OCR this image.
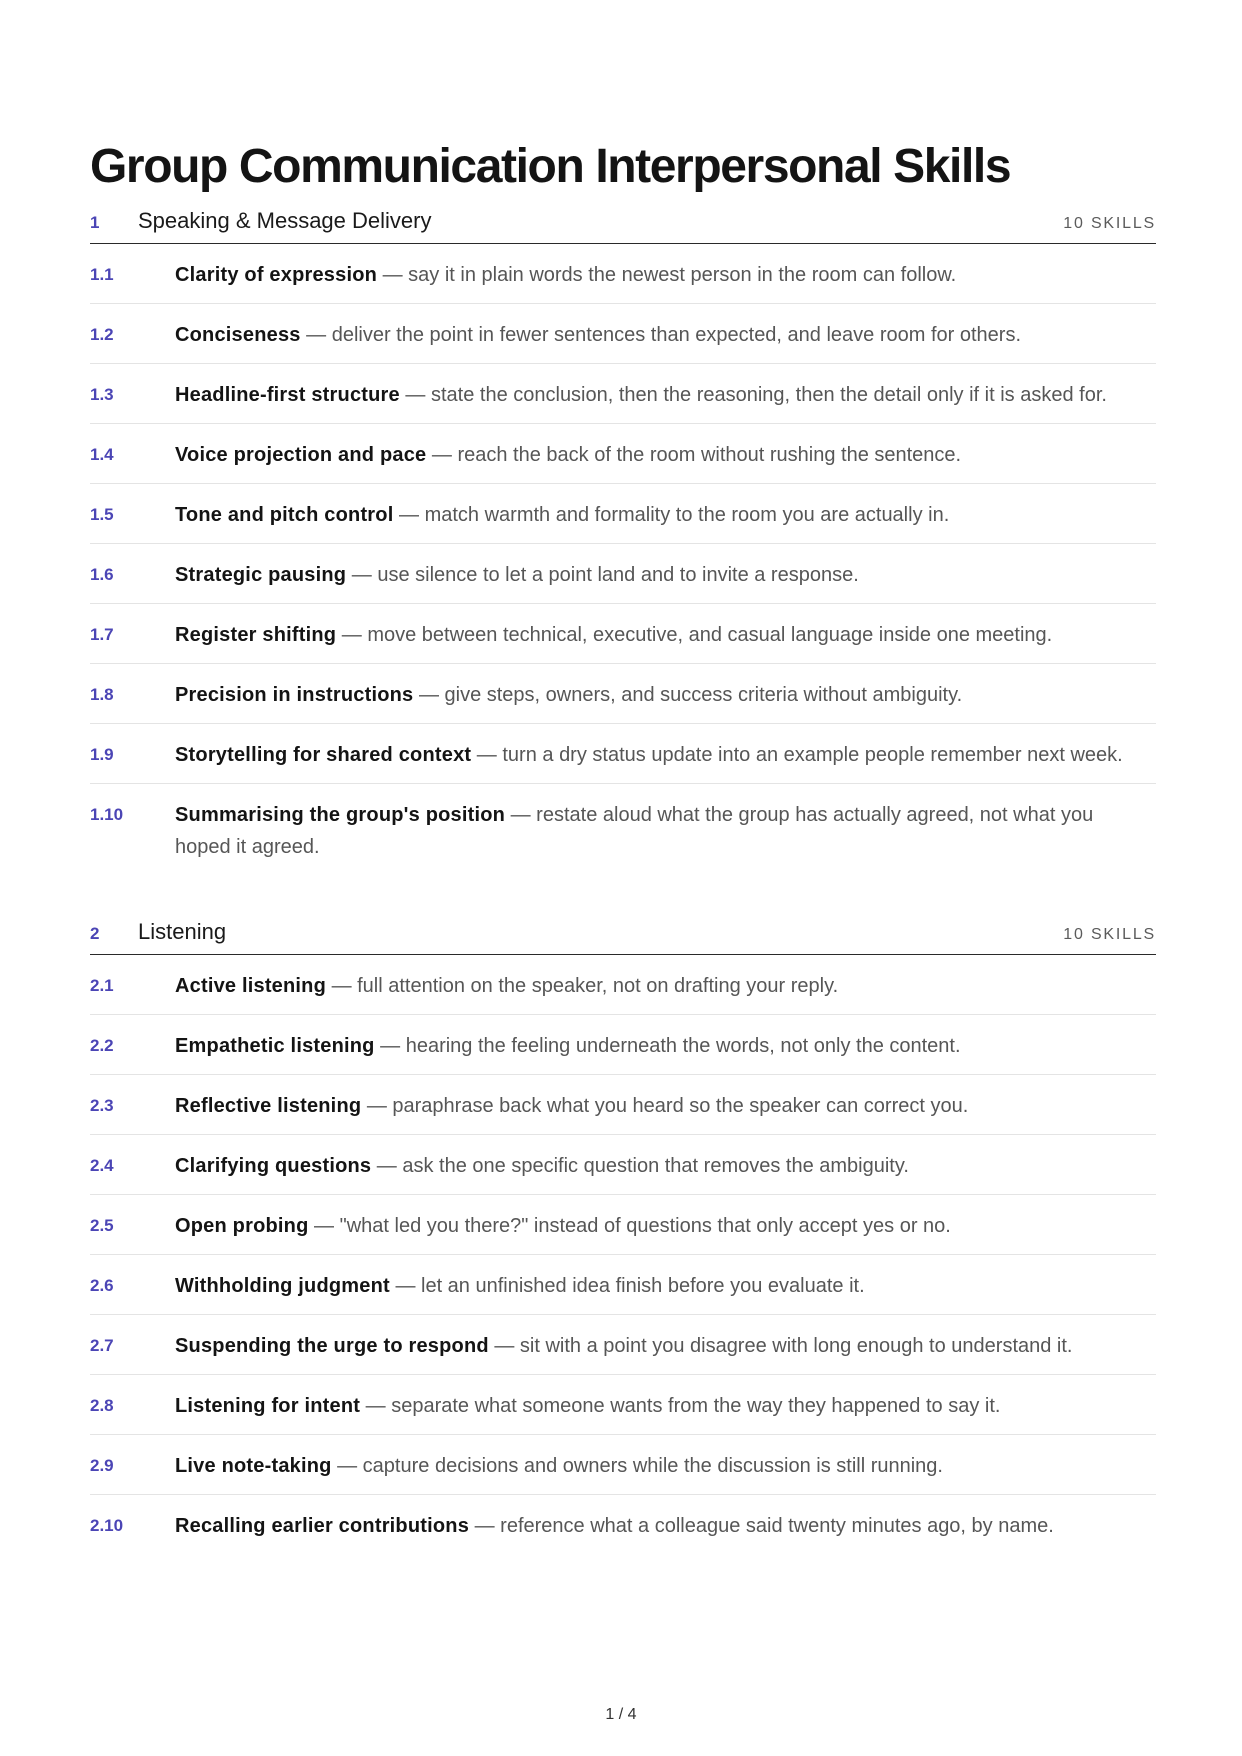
Group Communication Interpersonal Skills
1	Speaking & Message Delivery	10 SKILLS
1.1	Clarity of expression — say it in plain words the newest person in the room can follow.
1.2	Conciseness — deliver the point in fewer sentences than expected, and leave room for others.
1.3	Headline-first structure — state the conclusion, then the reasoning, then the detail only if it is asked for.
1.4	Voice projection and pace — reach the back of the room without rushing the sentence.
1.5	Tone and pitch control — match warmth and formality to the room you are actually in.
1.6	Strategic pausing — use silence to let a point land and to invite a response.
1.7	Register shifting — move between technical, executive, and casual language inside one meeting.
1.8	Precision in instructions — give steps, owners, and success criteria without ambiguity.
1.9	Storytelling for shared context — turn a dry status update into an example people remember next week.
1.10	Summarising the group's position — restate aloud what the group has actually agreed, not what you hoped it agreed.
2	Listening	10 SKILLS
2.1	Active listening — full attention on the speaker, not on drafting your reply.
2.2	Empathetic listening — hearing the feeling underneath the words, not only the content.
2.3	Reflective listening — paraphrase back what you heard so the speaker can correct you.
2.4	Clarifying questions — ask the one specific question that removes the ambiguity.
2.5	Open probing — "what led you there?" instead of questions that only accept yes or no.
2.6	Withholding judgment — let an unfinished idea finish before you evaluate it.
2.7	Suspending the urge to respond — sit with a point you disagree with long enough to understand it.
2.8	Listening for intent — separate what someone wants from the way they happened to say it.
2.9	Live note-taking — capture decisions and owners while the discussion is still running.
2.10	Recalling earlier contributions — reference what a colleague said twenty minutes ago, by name.
1 / 4
